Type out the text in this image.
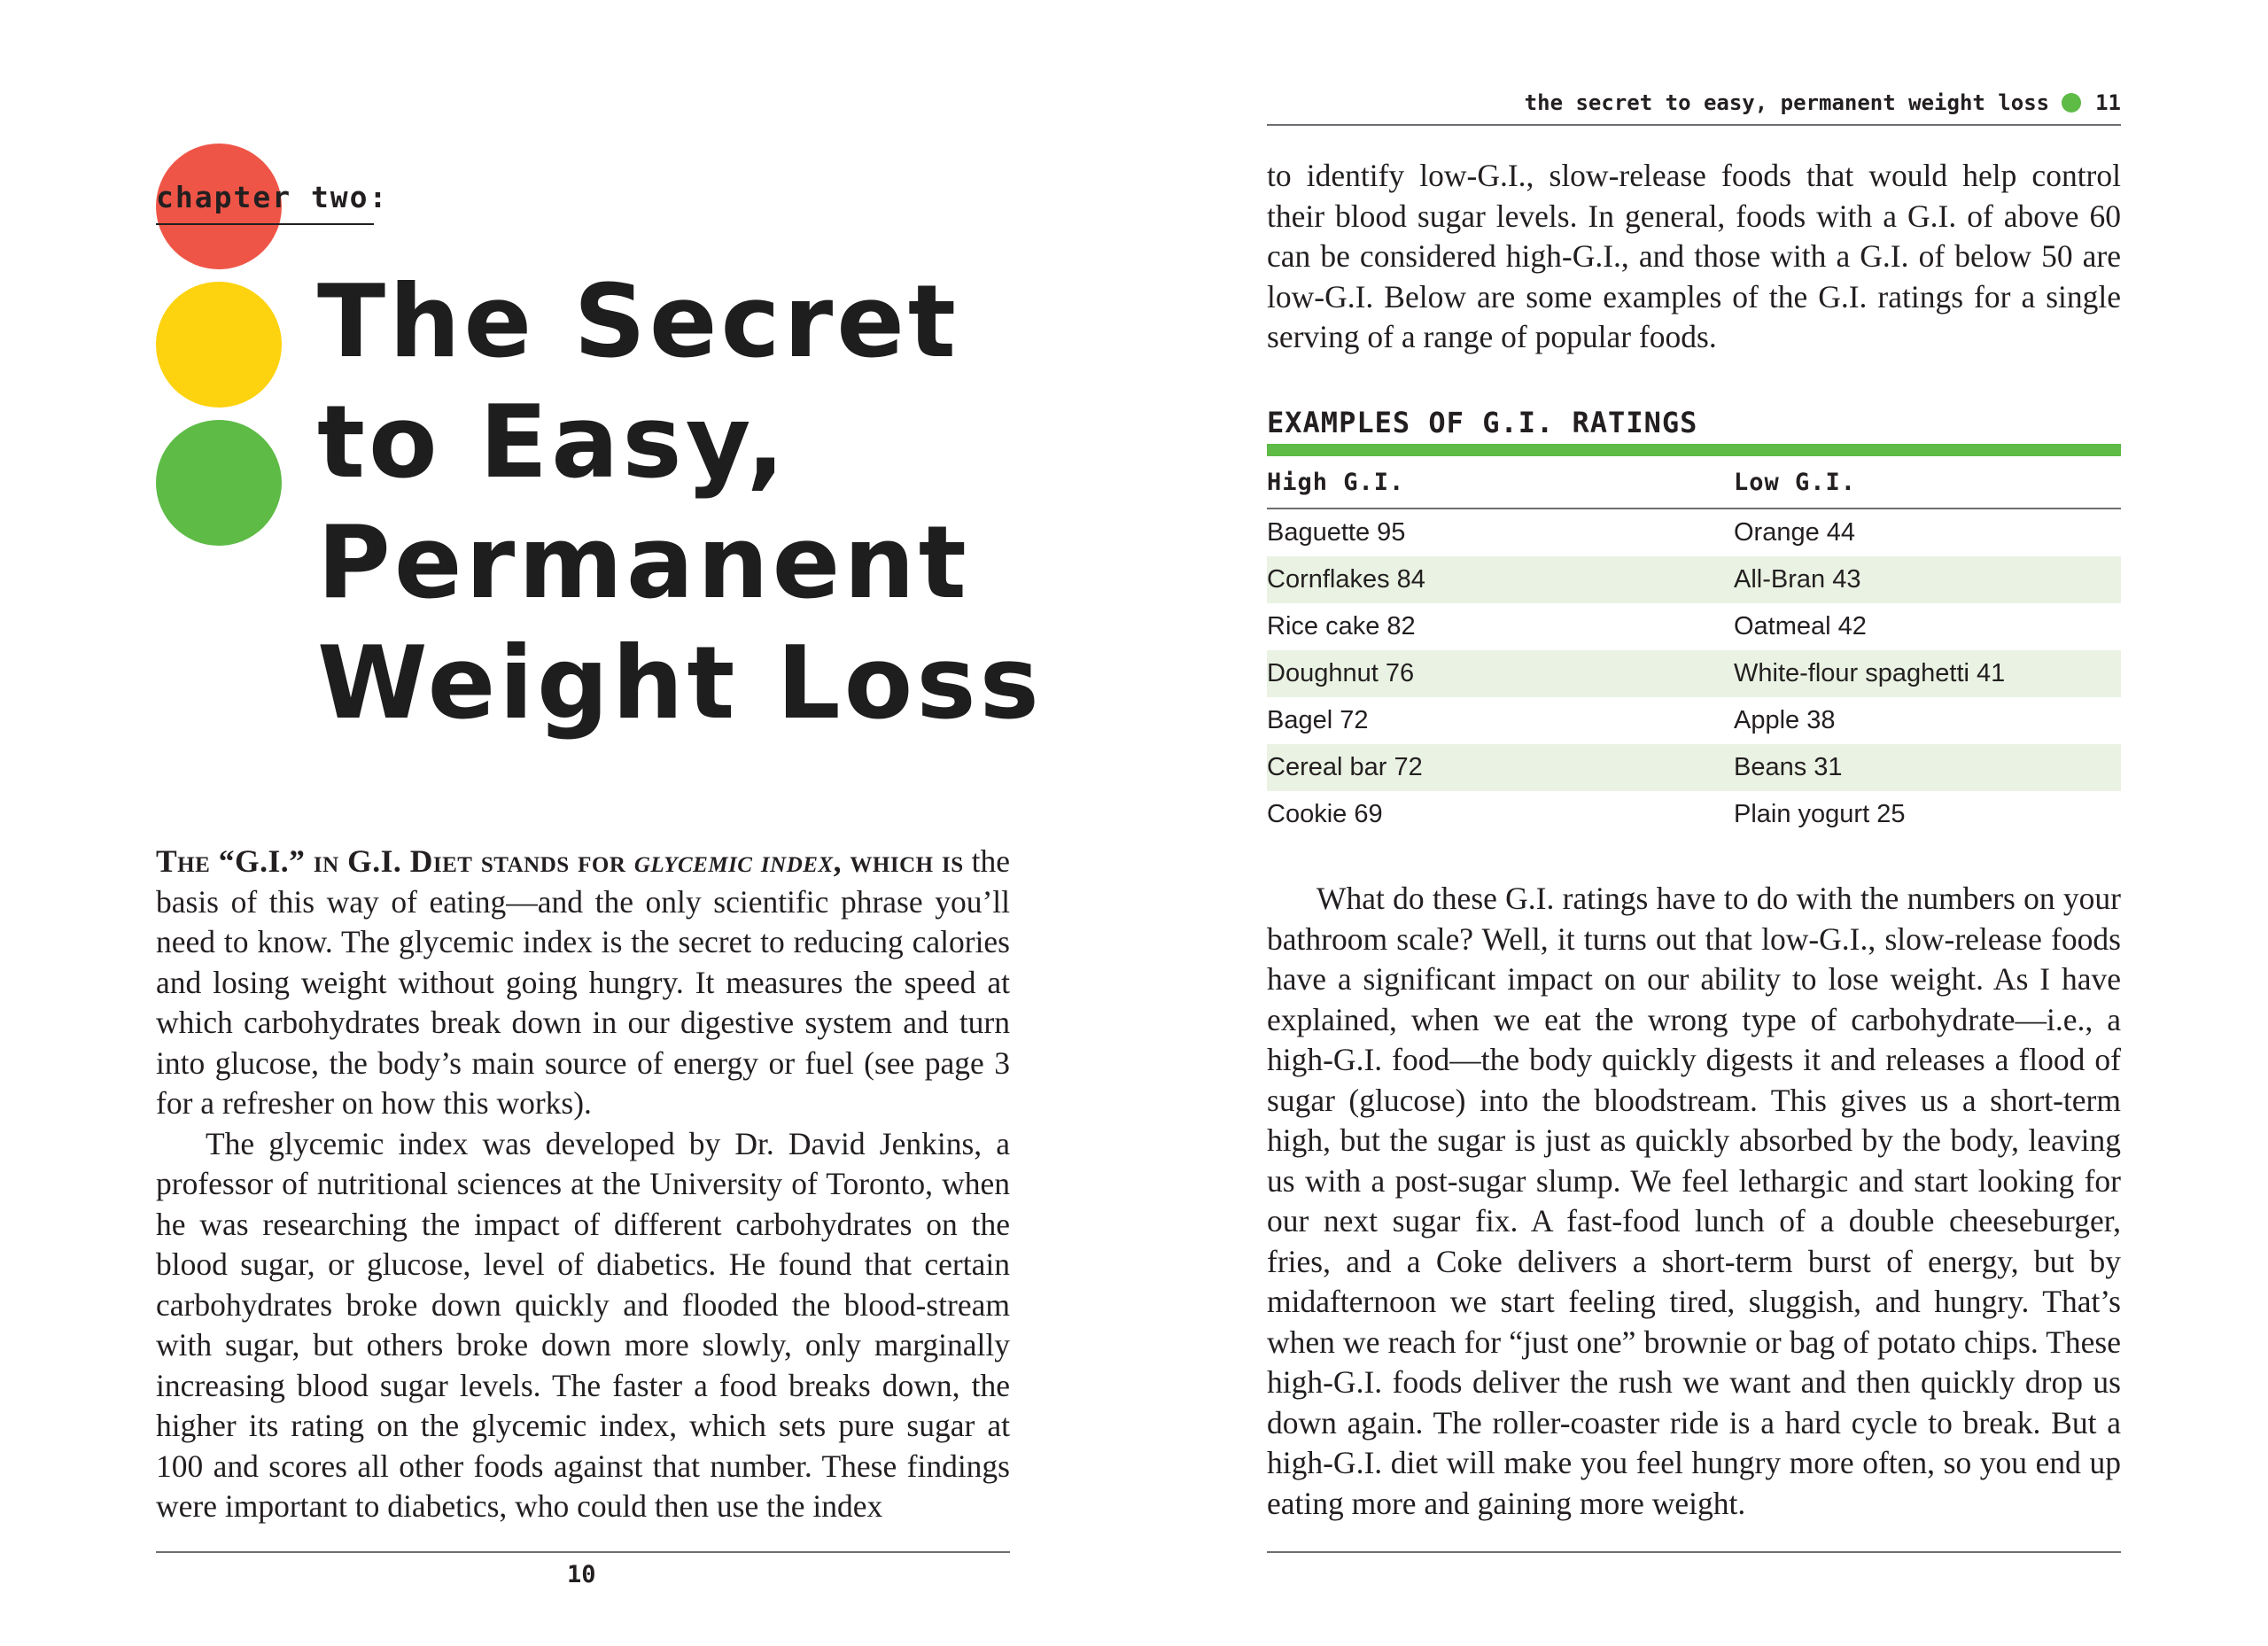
chapter two:
The Secret
to Easy,
Permanent
Weight Loss

The “G.I.” in G.I. Diet stands for glycemic index, which is the basis of this way of eating—and the only scientific phrase you’ll need to know. The glycemic index is the secret to reducing calories and losing weight without going hungry. It measures the speed at which carbohydrates break down in our digestive system and turn into glucose, the body’s main source of energy or fuel (see page 3 for a refresher on how this works).

The glycemic index was developed by Dr. David Jenkins, a professor of nutritional sciences at the University of Toronto, when he was researching the impact of different carbohydrates on the blood sugar, or glucose, level of diabetics. He found that certain carbohydrates broke down quickly and flooded the blood-stream with sugar, but others broke down more slowly, only marginally increasing blood sugar levels. The faster a food breaks down, the higher its rating on the glycemic index, which sets pure sugar at 100 and scores all other foods against that number. These findings were important to diabetics, who could then use the index

10
the secret to easy, permanent weight loss 11

to identify low-G.I., slow-release foods that would help control their blood sugar levels. In general, foods with a G.I. of above 60 can be considered high-G.I., and those with a G.I. of below 50 are low-G.I. Below are some examples of the G.I. ratings for a single serving of a range of popular foods.

EXAMPLES OF G.I. RATINGS

High G.I.	Low G.I.
Baguette 95	Orange 44
Cornflakes 84	All-Bran 43
Rice cake 82	Oatmeal 42
Doughnut 76	White-flour spaghetti 41
Bagel 72	Apple 38
Cereal bar 72	Beans 31
Cookie 69	Plain yogurt 25

What do these G.I. ratings have to do with the numbers on your bathroom scale? Well, it turns out that low-G.I., slow-release foods have a significant impact on our ability to lose weight. As I have explained, when we eat the wrong type of carbohydrate—i.e., a high-G.I. food—the body quickly digests it and releases a flood of sugar (glucose) into the bloodstream. This gives us a short-term high, but the sugar is just as quickly absorbed by the body, leaving us with a post-sugar slump. We feel lethargic and start looking for our next sugar fix. A fast-food lunch of a double cheeseburger, fries, and a Coke delivers a short-term burst of energy, but by midafternoon we start feeling tired, sluggish, and hungry. That’s when we reach for “just one” brownie or bag of potato chips. These high-G.I. foods deliver the rush we want and then quickly drop us down again. The roller-coaster ride is a hard cycle to break. But a high-G.I. diet will make you feel hungry more often, so you end up eating more and gaining more weight.
